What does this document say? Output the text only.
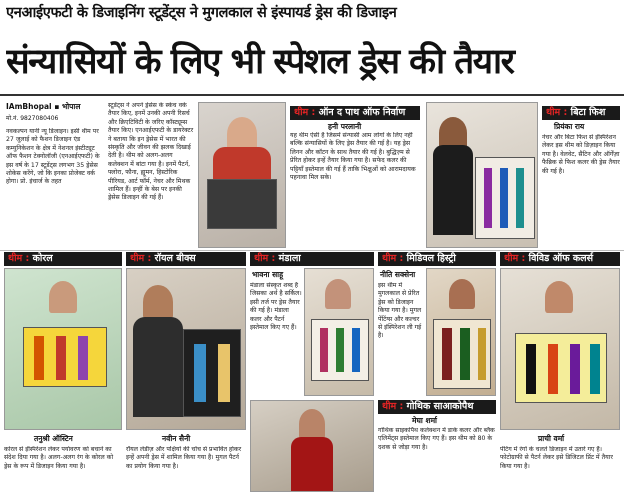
एनआईएफटी के डिजाइनिंग स्टूडेंट्स ने मुगलकाल से इंस्पायर्ड ड्रेस की डिजाइन
संन्यासियों के लिए भी स्पेशल ड्रेस की तैयार
IAmBhopal ▪ भोपाल
मो.नं. 9827080406
नवकल्पन यानी न्यू डिजाइन। इसी थीम पर 27 जुलाई को फैशन डिजाइन एंड कम्युनिकेशन के क्षेत्र में नेशनल इंस्टीट्यूट ऑफ फैशन टेक्नोलॉजी (एनआईएफटी) के इस वर्ष के 17 स्टूडेंट्स लगभग 35 ड्रेसेस शोकेस करेंगे, जो कि इनका प्रोजेक्ट वर्क होगा। प्रो. इंचार्ज के तहत
स्टूडेंट्स ने अपने ड्रेसेस के स्केच वर्क तैयार किए, इनमें उनकी अपनी रिसर्च और क्रिएटिविटी के जरिए कॉस्ट्यूम्स तैयार किए। एनआईएफटी के डायरेक्टर ने बताया कि इन ड्रेसेस में भारत की संस्कृति और जीवन की झलक दिखाई देती है। थीम को अलग-अलग कलेक्शन में बांटा गया है। इनमें पैटर्न, फ्लोरा, फौना, ह्यूमन, हिस्टोरिक पीरियड, आर्ट फॉर्म, नेचर और मिथक शामिल हैं। इन्हीं के बेस पर इनकी ड्रेसेस डिजाइन की गई हैं।
थीम : ऑन द पाथ ऑफ निर्वाण
हनी परलानी
यह थीम ऐसी है जिसमें संन्यासी आम लोगों के लिए नहीं बल्कि संन्यासियों के लिए ड्रेस तैयार की गई है। यह ड्रेस लिनन और कॉटन के साथ तैयार की गई है। बुद्धिज़्म से प्रेरित होकर इन्हें तैयार किया गया है। सफेद कलर की पट्टियाँ इस्तेमाल की गई हैं ताकि भिक्षुओं को आरामदायक पहनावा मिल सके।
थीम : बिटा फिश
प्रियंका राय
नेचर और बिटा फिश से इंस्पिरेशन लेकर इस थीम को डिज़ाइन किया गया है। वेलवेट, सैटिन और ऑर्गेंज़ा फैब्रिक से फिश कलर की ड्रेस तैयार की गई है।
थीम : कोरल
तनुश्री ऑस्टिन
कोरल से इंस्पिरेशन लेकर पर्यावरण को बचाने का संदेश दिया गया है। अलग-अलग रंग के कोरल को ड्रेस के रूप में डिजाइन किया गया है।
थीम : रॉयल बीक्स
नवीन सैनी
रॉयल लेडीज़ और पक्षियों की चोंच से प्रभावित होकर इन्हें अपनी ड्रेस में शामिल किया गया है। मुगल पैटर्न का प्रयोग किया गया है।
थीम : मंडाला
भावना साहू
मंडाला संस्कृत शब्द है जिसका अर्थ है सर्किल। इसी तर्ज पर ड्रेस तैयार की गई है। मंडाला कलर और पैटर्न इस्तेमाल किए गए हैं।
थीम : मिडिवल हिस्ट्री
नीति सक्सेना
इस थीम में मुगलकाल से प्रेरित ड्रेस को डिजाइन किया गया है। मुगल पेंटिंग्स और कल्चर से इंस्पिरेशन ली गई है।
थीम : गोथिक साआकोपैथ
मेघा शर्मा
गोथिक साइकोपैथ कलेक्शन में डार्क कलर और ब्लैक एलिमेंट्स इस्तेमाल किए गए हैं। इस थीम को 80 के दशक से जोड़ा गया है।
थीम : विविड ऑफ कलर्स
प्राची वर्मा
पेंटिंग में रंगों के चलते डिजाइन में उतारे गए हैं। फोटोग्राफी से पैटर्न लेकर इसे डिजिटल प्रिंट में तैयार किया गया है।
